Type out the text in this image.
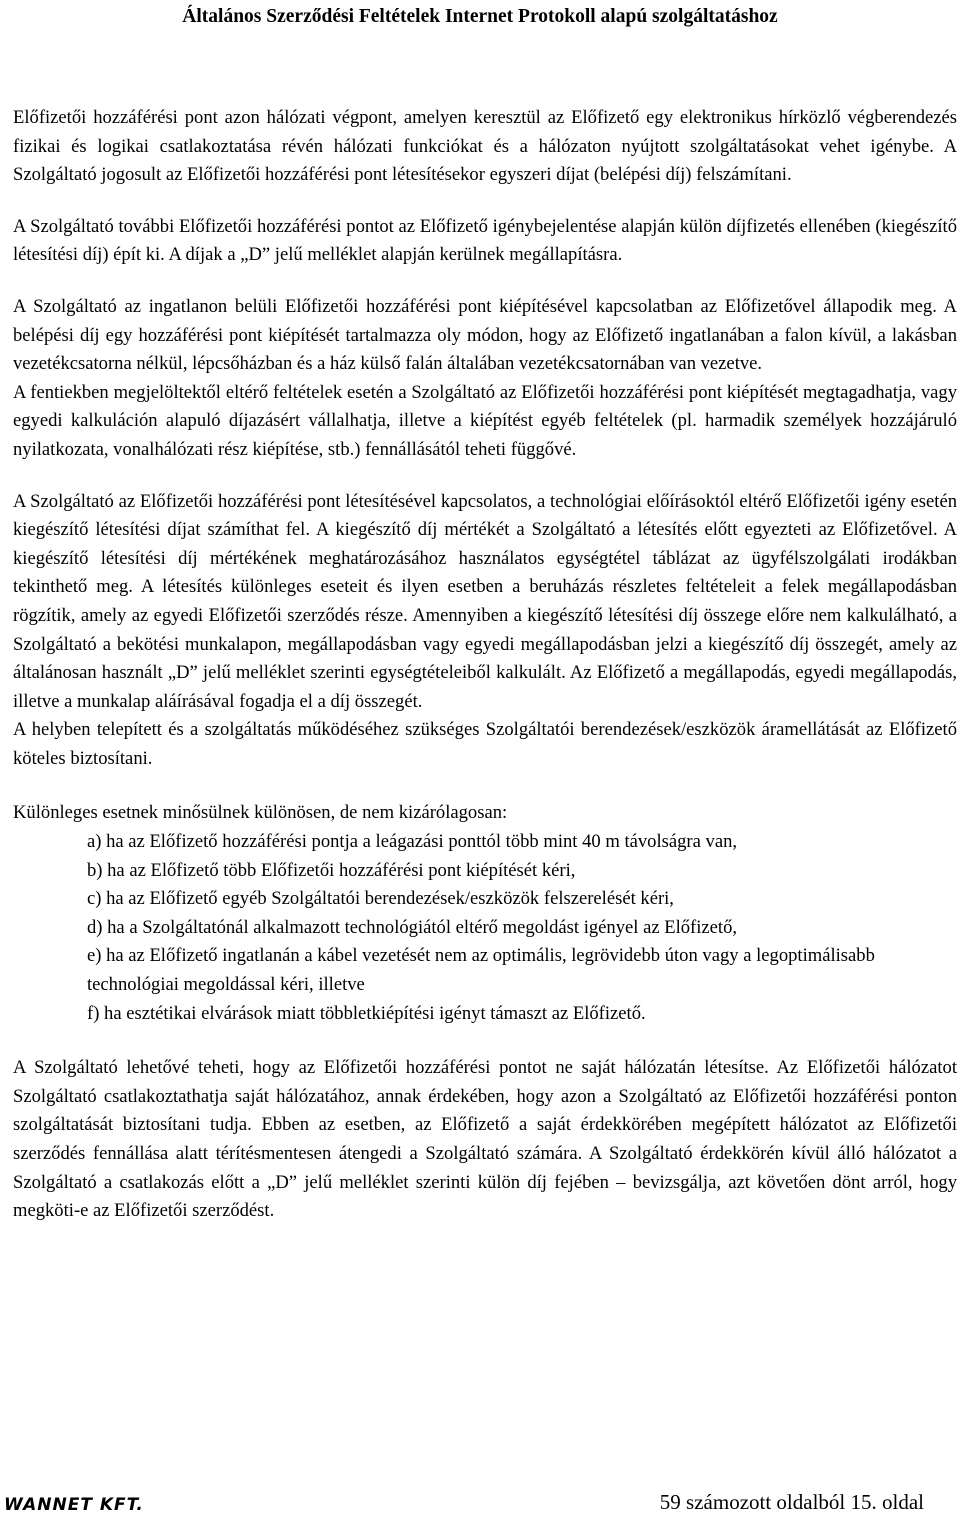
Általános Szerződési Feltételek Internet Protokoll alapú szolgáltatáshoz

Előfizetői hozzáférési pont azon hálózati végpont, amelyen keresztül az Előfizető egy elektronikus hírközlő végberendezés fizikai és logikai csatlakoztatása révén hálózati funkciókat és a hálózaton nyújtott szolgáltatásokat vehet igénybe. A Szolgáltató jogosult az Előfizetői hozzáférési pont létesítésekor egyszeri díjat (belépési díj) felszámítani.

A Szolgáltató további Előfizetői hozzáférési pontot az Előfizető igénybejelentése alapján külön díjfizetés ellenében (kiegészítő létesítési díj) épít ki. A díjak a „D” jelű melléklet alapján kerülnek megállapításra.

A Szolgáltató az ingatlanon belüli Előfizetői hozzáférési pont kiépítésével kapcsolatban az Előfizetővel állapodik meg. A belépési díj egy hozzáférési pont kiépítését tartalmazza oly módon, hogy az Előfizető ingatlanában a falon kívül, a lakásban vezetékcsatorna nélkül, lépcsőházban és a ház külső falán általában vezetékcsatornában van vezetve.

A fentiekben megjelöltektől eltérő feltételek esetén a Szolgáltató az Előfizetői hozzáférési pont kiépítését megtagadhatja, vagy egyedi kalkuláción alapuló díjazásért vállalhatja, illetve a kiépítést egyéb feltételek (pl. harmadik személyek hozzájáruló nyilatkozata, vonalhálózati rész kiépítése, stb.) fennállásától teheti függővé.

A Szolgáltató az Előfizetői hozzáférési pont létesítésével kapcsolatos, a technológiai előírásoktól eltérő Előfizetői igény esetén kiegészítő létesítési díjat számíthat fel. A kiegészítő díj mértékét a Szolgáltató a létesítés előtt egyezteti az Előfizetővel. A kiegészítő létesítési díj mértékének meghatározásához használatos egységtétel táblázat az ügyfélszolgálati irodákban tekinthető meg. A létesítés különleges eseteit és ilyen esetben a beruházás részletes feltételeit a felek megállapodásban rögzítik, amely az egyedi Előfizetői szerződés része. Amennyiben a kiegészítő létesítési díj összege előre nem kalkulálható, a Szolgáltató a bekötési munkalapon, megállapodásban vagy egyedi megállapodásban jelzi a kiegészítő díj összegét, amely az általánosan használt „D” jelű melléklet szerinti egységtételeiből kalkulált. Az Előfizető a megállapodás, egyedi megállapodás, illetve a munkalap aláírásával fogadja el a díj összegét.

A helyben telepített és a szolgáltatás működéséhez szükséges Szolgáltatói berendezések/eszközök áramellátását az Előfizető köteles biztosítani.

Különleges esetnek minősülnek különösen, de nem kizárólagosan:

a) ha az Előfizető hozzáférési pontja a leágazási ponttól több mint 40 m távolságra van,
b) ha az Előfizető több Előfizetői hozzáférési pont kiépítését kéri,
c) ha az Előfizető egyéb Szolgáltatói berendezések/eszközök felszerelését kéri,
d) ha a Szolgáltatónál alkalmazott technológiától eltérő megoldást igényel az Előfizető,
e) ha az Előfizető ingatlanán a kábel vezetését nem az optimális, legrövidebb úton vagy a legoptimálisabb technológiai megoldással kéri, illetve
f) ha esztétikai elvárások miatt többletkiépítési igényt támaszt az Előfizető.

A Szolgáltató lehetővé teheti, hogy az Előfizetői hozzáférési pontot ne saját hálózatán létesítse. Az Előfizetői hálózatot Szolgáltató csatlakoztathatja saját hálózatához, annak érdekében, hogy azon a Szolgáltató az Előfizetői hozzáférési ponton szolgáltatását biztosítani tudja. Ebben az esetben, az Előfizető a saját érdekkörében megépített hálózatot az Előfizetői szerződés fennállása alatt térítésmentesen átengedi a Szolgáltató számára. A Szolgáltató érdekkörén kívül álló hálózatot a Szolgáltató a csatlakozás előtt a „D” jelű melléklet szerinti külön díj fejében – bevizsgálja, azt követően dönt arról, hogy megköti-e az Előfizetői szerződést.

WANNET KFT.	59 számozott oldalból 15. oldal
